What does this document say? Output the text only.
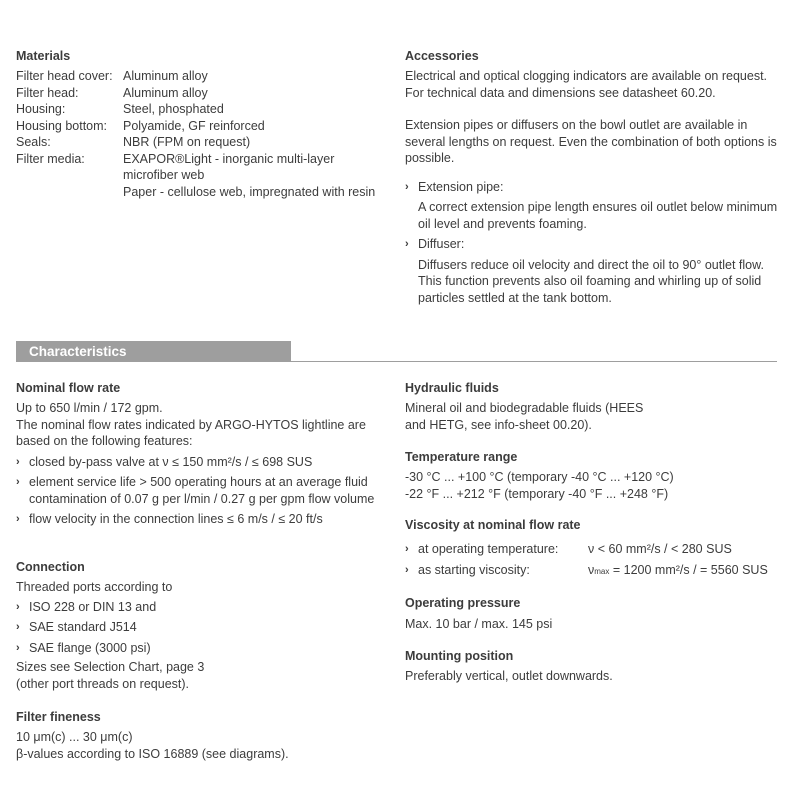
Materials
Filter head cover: Aluminum alloy
Filter head:	Aluminum alloy
Housing:	Steel, phosphated
Housing bottom:	Polyamide, GF reinforced
Seals:	NBR (FPM on request)
Filter media:	EXAPOR®Light - inorganic multi-layer microfiber web
Paper - cellulose web, impregnated with resin
Accessories

Electrical and optical clogging indicators are available on request. For technical data and dimensions see datasheet 60.20.

Extension pipes or diffusers on the bowl outlet are available in several lengths on request. Even the combination of both options is possible.

› Extension pipe:

A correct extension pipe length ensures oil outlet below minimum oil level and prevents foaming.

› Diffuser:

Diffusers reduce oil velocity and direct the oil to 90° outlet flow. This function prevents also oil foaming and whirling up of solid particles settled at the tank bottom.

Characteristics
Nominal flow rate

Up to 650 l/min / 172 gpm.

The nominal flow rates indicated by ARGO-HYTOS lightline are based on the following features:

› closed by-pass valve at ν ≤ 150 mm²/s / ≤ 698 SUS
› element service life > 500 operating hours at an average fluid contamination of 0.07 g per l/min / 0.27 g per gpm flow volume
› flow velocity in the connection lines ≤ 6 m/s / ≤ 20 ft/s
Connection

Threaded ports according to

› ISO 228 or DIN 13 and
› SAE standard J514
› SAE flange (3000 psi)

Sizes see Selection Chart, page 3 (other port threads on request).

Filter fineness

10 μm(c) ... 30 μm(c)

β-values according to ISO 16889 (see diagrams).

Hydraulic fluids

Mineral oil and biodegradable fluids (HEES and HETG, see info-sheet 00.20).

Temperature range

-30 °C ... +100 °C (temporary -40 °C ... +120 °C)

-22 °F ... +212 °F (temporary -40 °F ... +248 °F)

Viscosity at nominal flow rate
› at operating temperature:	ν < 60 mm²/s / < 280 SUS
› as starting viscosity:	νmax = 1200 mm²/s / = 5560 SUS
Operating pressure

Max. 10 bar / max. 145 psi

Mounting position

Preferably vertical, outlet downwards.
